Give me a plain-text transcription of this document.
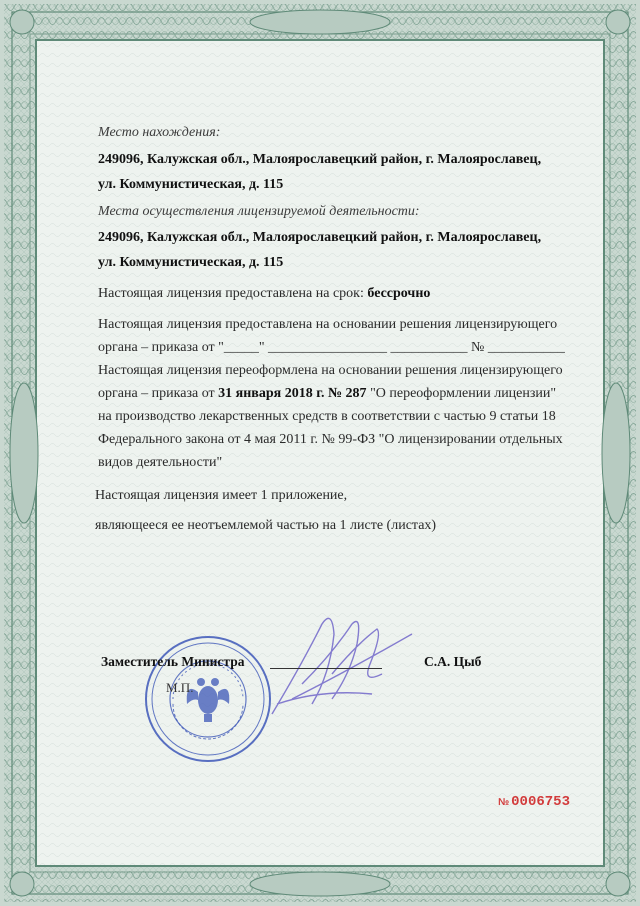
Место нахождения:
249096, Калужская обл., Малоярославецкий район, г. Малоярославец,
ул. Коммунистическая, д. 115
Места осуществления лицензируемой деятельности:
249096, Калужская обл., Малоярославецкий район, г. Малоярославец,
ул. Коммунистическая, д. 115
Настоящая лицензия предоставлена на срок: бессрочно
Настоящая лицензия предоставлена на основании решения лицензирующего
органа – приказа от "_____" _________________ ___________ № ___________
Настоящая лицензия переоформлена на основании решения лицензирующего
органа – приказа от 31 января 2018 г. № 287 "О переоформлении лицензии"
на производство лекарственных средств в соответствии с частью 9 статьи 18
Федерального закона от 4 мая 2011 г. № 99-ФЗ "О лицензировании отдельных
видов деятельности"
Настоящая лицензия имеет 1 приложение,
являющееся ее неотъемлемой частью на 1 листе (листах)
Заместитель Министра	С.А. Цыб
М.П.
№ 0006753
